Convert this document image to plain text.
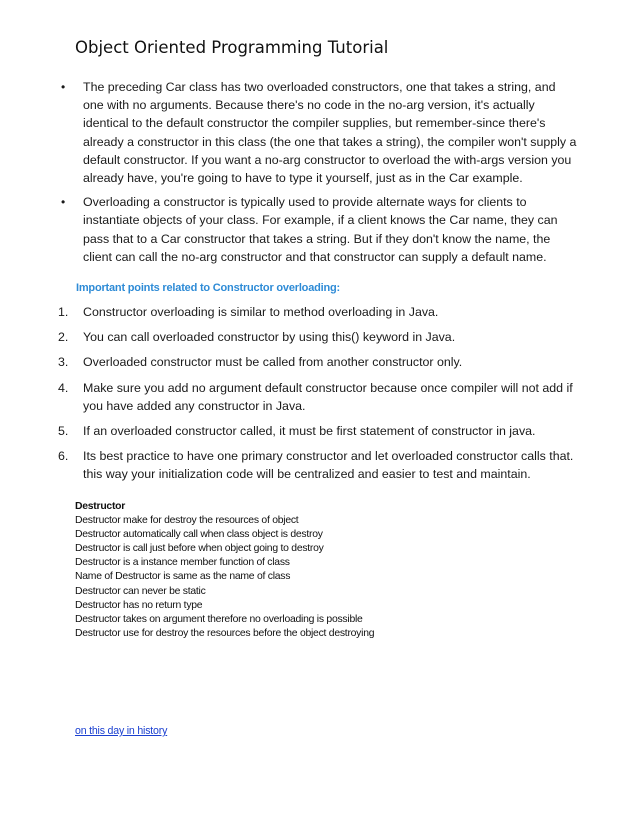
Object Oriented Programming Tutorial
• The preceding Car class has two overloaded constructors, one that takes a string, and one with no arguments. Because there's no code in the no-arg version, it's actually identical to the default constructor the compiler supplies, but remember-since there's already a constructor in this class (the one that takes a string), the compiler won't supply a default constructor. If you want a no-arg constructor to overload the with-args version you already have, you're going to have to type it yourself, just as in the Car example.
• Overloading a constructor is typically used to provide alternate ways for clients to instantiate objects of your class. For example, if a client knows the Car name, they can pass that to a Car constructor that takes a string. But if they don't know the name, the client can call the no-arg constructor and that constructor can supply a default name.
Important points related to Constructor overloading:
1. Constructor overloading is similar to method overloading in Java.
2. You can call overloaded constructor by using this() keyword in Java.
3. Overloaded constructor must be called from another constructor only.
4. Make sure you add no argument default constructor because once compiler will not add if you have added any constructor in Java.
5. If an overloaded constructor called, it must be first statement of constructor in java.
6. Its best practice to have one primary constructor and let overloaded constructor calls that. this way your initialization code will be centralized and easier to test and maintain.
Destructor
Destructor make for destroy the resources of object
Destructor automatically call when class object is destroy
Destructor is call just before when object going to destroy
Destructor is a instance member function of class
Name of Destructor is same as the name of class
Destructor can never be static
Destructor has no return type
Destructor takes on argument therefore no overloading is possible
Destructor use for destroy the resources before the object destroying
on this day in history
